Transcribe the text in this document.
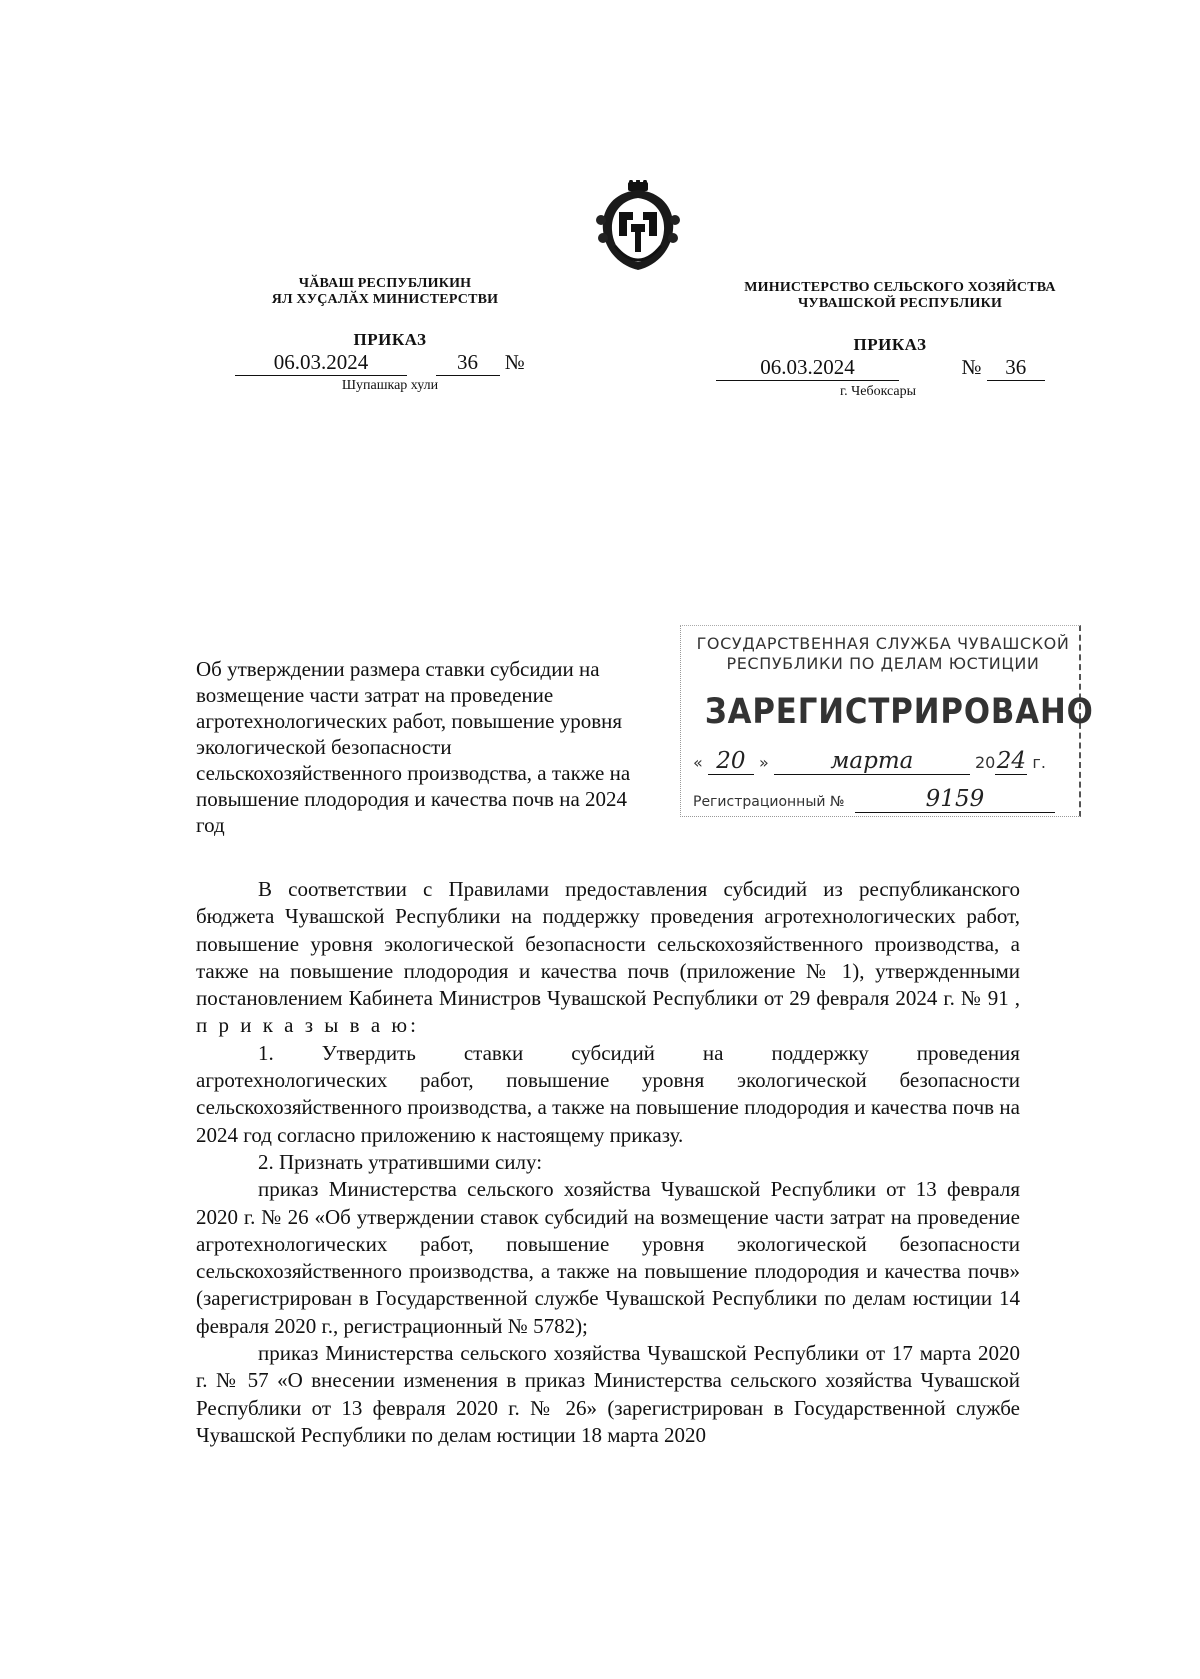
ЧӐВАШ РЕСПУБЛИКИН
ЯЛ ХУҪАЛӐХ МИНИСТЕРСТВИ
ПРИКАЗ
06.03.2024	36 №
Шупашкар хули
МИНИСТЕРСТВО СЕЛЬСКОГО ХОЗЯЙСТВА
ЧУВАШСКОЙ РЕСПУБЛИКИ
ПРИКАЗ
06.03.2024	№ 36
г. Чебоксары
Об утверждении размера ставки субсидии на возмещение части затрат на проведение агротехнологических работ, повышение уровня экологической безопасности сельскохозяйственного производства, а также на повышение плодородия и качества почв на 2024 год
ГОСУДАРСТВЕННАЯ СЛУЖБА ЧУВАШСКОЙ
РЕСПУБЛИКИ ПО ДЕЛАМ ЮСТИЦИИ
ЗАРЕГИСТРИРОВАНО
« 20 »	марта	2024 г.
Регистрационный №	9159

В соответствии с Правилами предоставления субсидий из республиканского бюджета Чувашской Республики на поддержку проведения агротехнологических работ, повышение уровня экологической безопасности сельскохозяйственного производства, а также на повышение плодородия и качества почв (приложение № 1), утвержденными постановлением Кабинета Министров Чувашской Республики от 29 февраля 2024 г. № 91 , п р и к а з ы в а ю:

1. Утвердить ставки субсидий на поддержку проведения

агротехнологических работ, повышение уровня экологической безопасности сельскохозяйственного производства, а также на повышение плодородия и качества почв на 2024 год согласно приложению к настоящему приказу.

2. Признать утратившими силу:

приказ Министерства сельского хозяйства Чувашской Республики от 13 февраля 2020 г. № 26 «Об утверждении ставок субсидий на возмещение части затрат на проведение агротехнологических работ, повышение уровня экологической безопасности сельскохозяйственного производства, а также на повышение плодородия и качества почв» (зарегистрирован в Государственной службе Чувашской Республики по делам юстиции 14 февраля 2020 г., регистрационный № 5782);

приказ Министерства сельского хозяйства Чувашской Республики от 17 марта 2020 г. № 57 «О внесении изменения в приказ Министерства сельского хозяйства Чувашской Республики от 13 февраля 2020 г. № 26» (зарегистрирован в Государственной службе Чувашской Республики по делам юстиции 18 марта 2020
